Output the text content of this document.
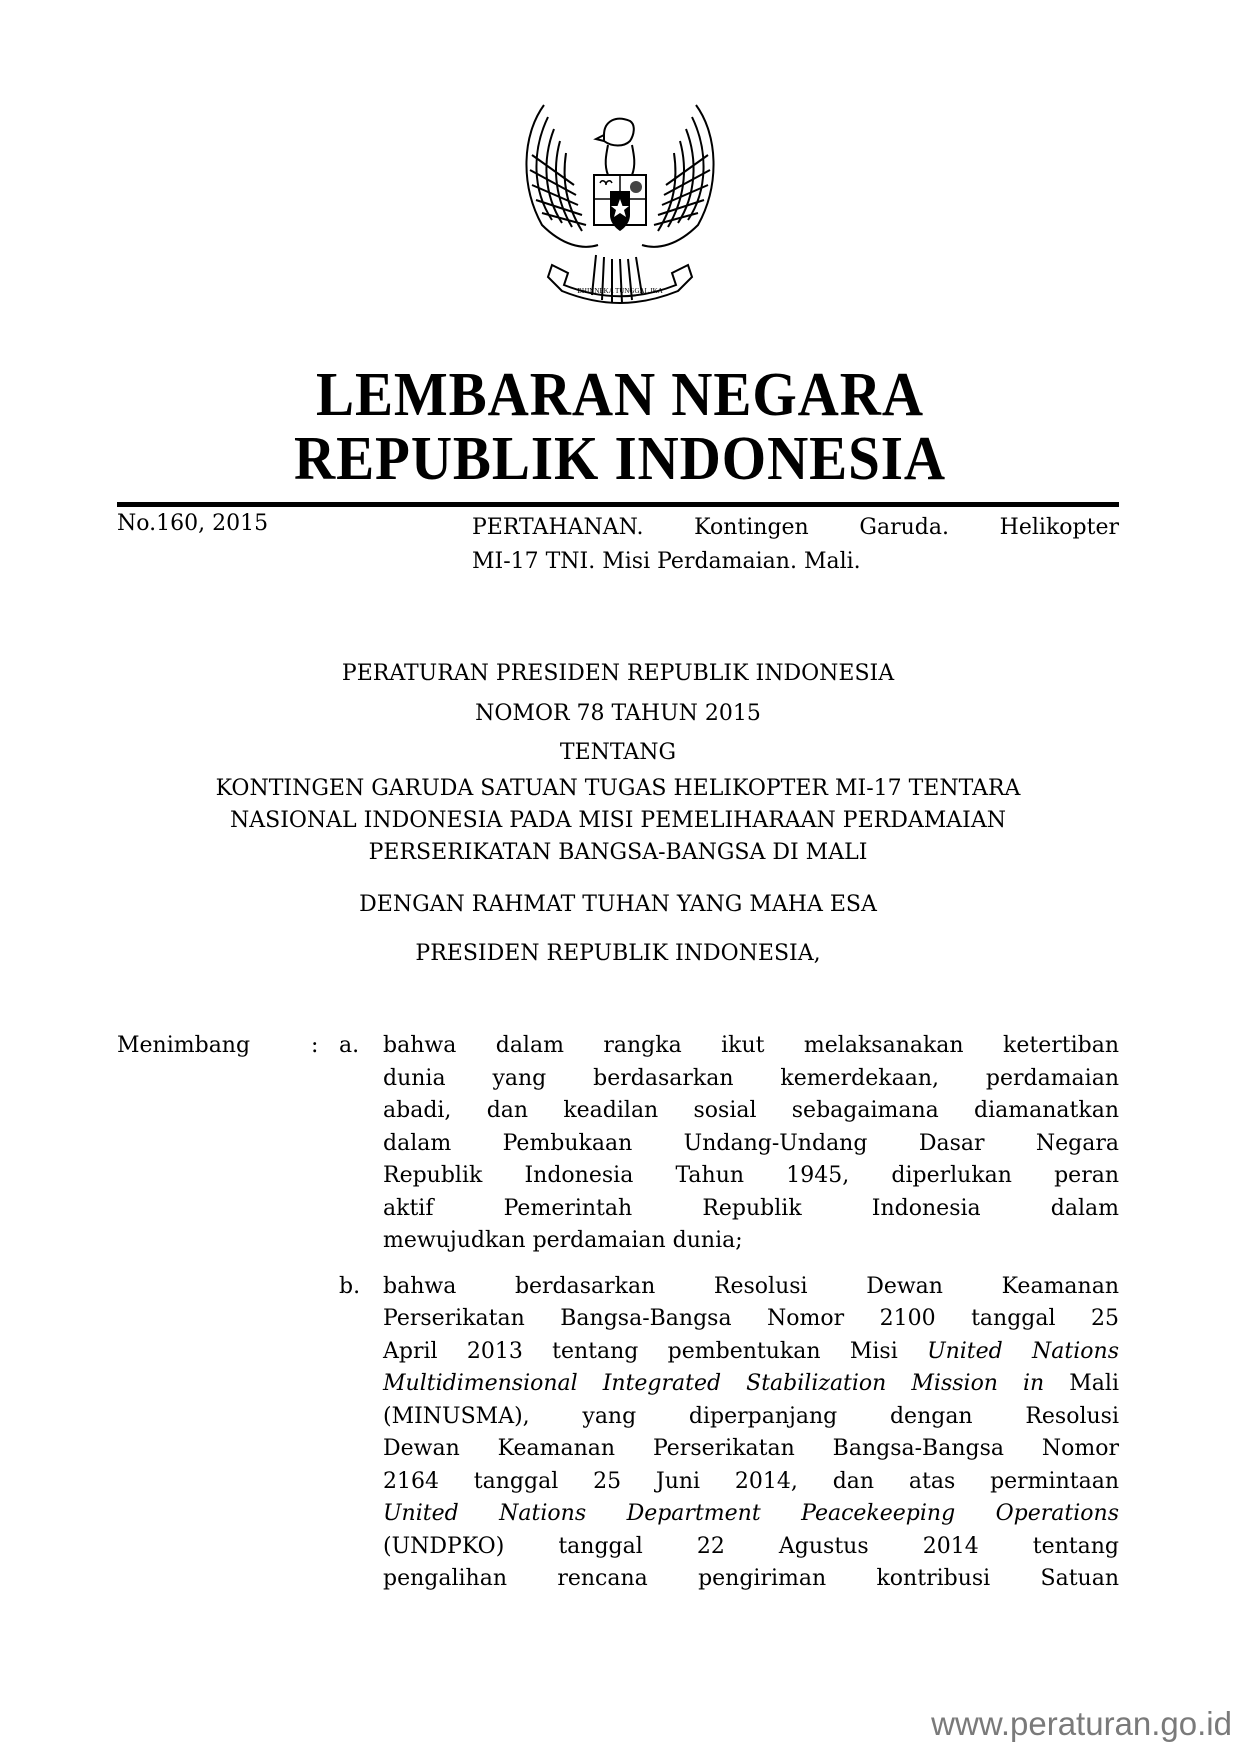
BHINNEKA TUNGGAL IKA
LEMBARAN NEGARA
REPUBLIK INDONESIA
No.160, 2015	PERTAHANAN. Kontingen Garuda. Helikopter
MI-17 TNI. Misi Perdamaian. Mali.
PERATURAN PRESIDEN REPUBLIK INDONESIA
NOMOR 78 TAHUN 2015
TENTANG
KONTINGEN GARUDA SATUAN TUGAS HELIKOPTER MI-17 TENTARA
NASIONAL INDONESIA PADA MISI PEMELIHARAAN PERDAMAIAN
PERSERIKATAN BANGSA-BANGSA DI MALI
DENGAN RAHMAT TUHAN YANG MAHA ESA
PRESIDEN REPUBLIK INDONESIA,
Menimbang	: a.	bahwa dalam rangka ikut melaksanakan ketertiban
dunia yang berdasarkan kemerdekaan, perdamaian
abadi, dan keadilan sosial sebagaimana diamanatkan
dalam Pembukaan Undang-Undang Dasar Negara
Republik Indonesia Tahun 1945, diperlukan peran
aktif Pemerintah Republik Indonesia dalam
mewujudkan perdamaian dunia;
b.	bahwa berdasarkan Resolusi Dewan Keamanan
Perserikatan Bangsa-Bangsa Nomor 2100 tanggal 25
April 2013 tentang pembentukan Misi United Nations
Multidimensional Integrated Stabilization Mission in Mali
(MINUSMA), yang diperpanjang dengan Resolusi
Dewan Keamanan Perserikatan Bangsa-Bangsa Nomor
2164 tanggal 25 Juni 2014, dan atas permintaan
United Nations Department Peacekeeping Operations
(UNDPKO) tanggal 22 Agustus 2014 tentang
pengalihan rencana pengiriman kontribusi Satuan
www.peraturan.go.id
